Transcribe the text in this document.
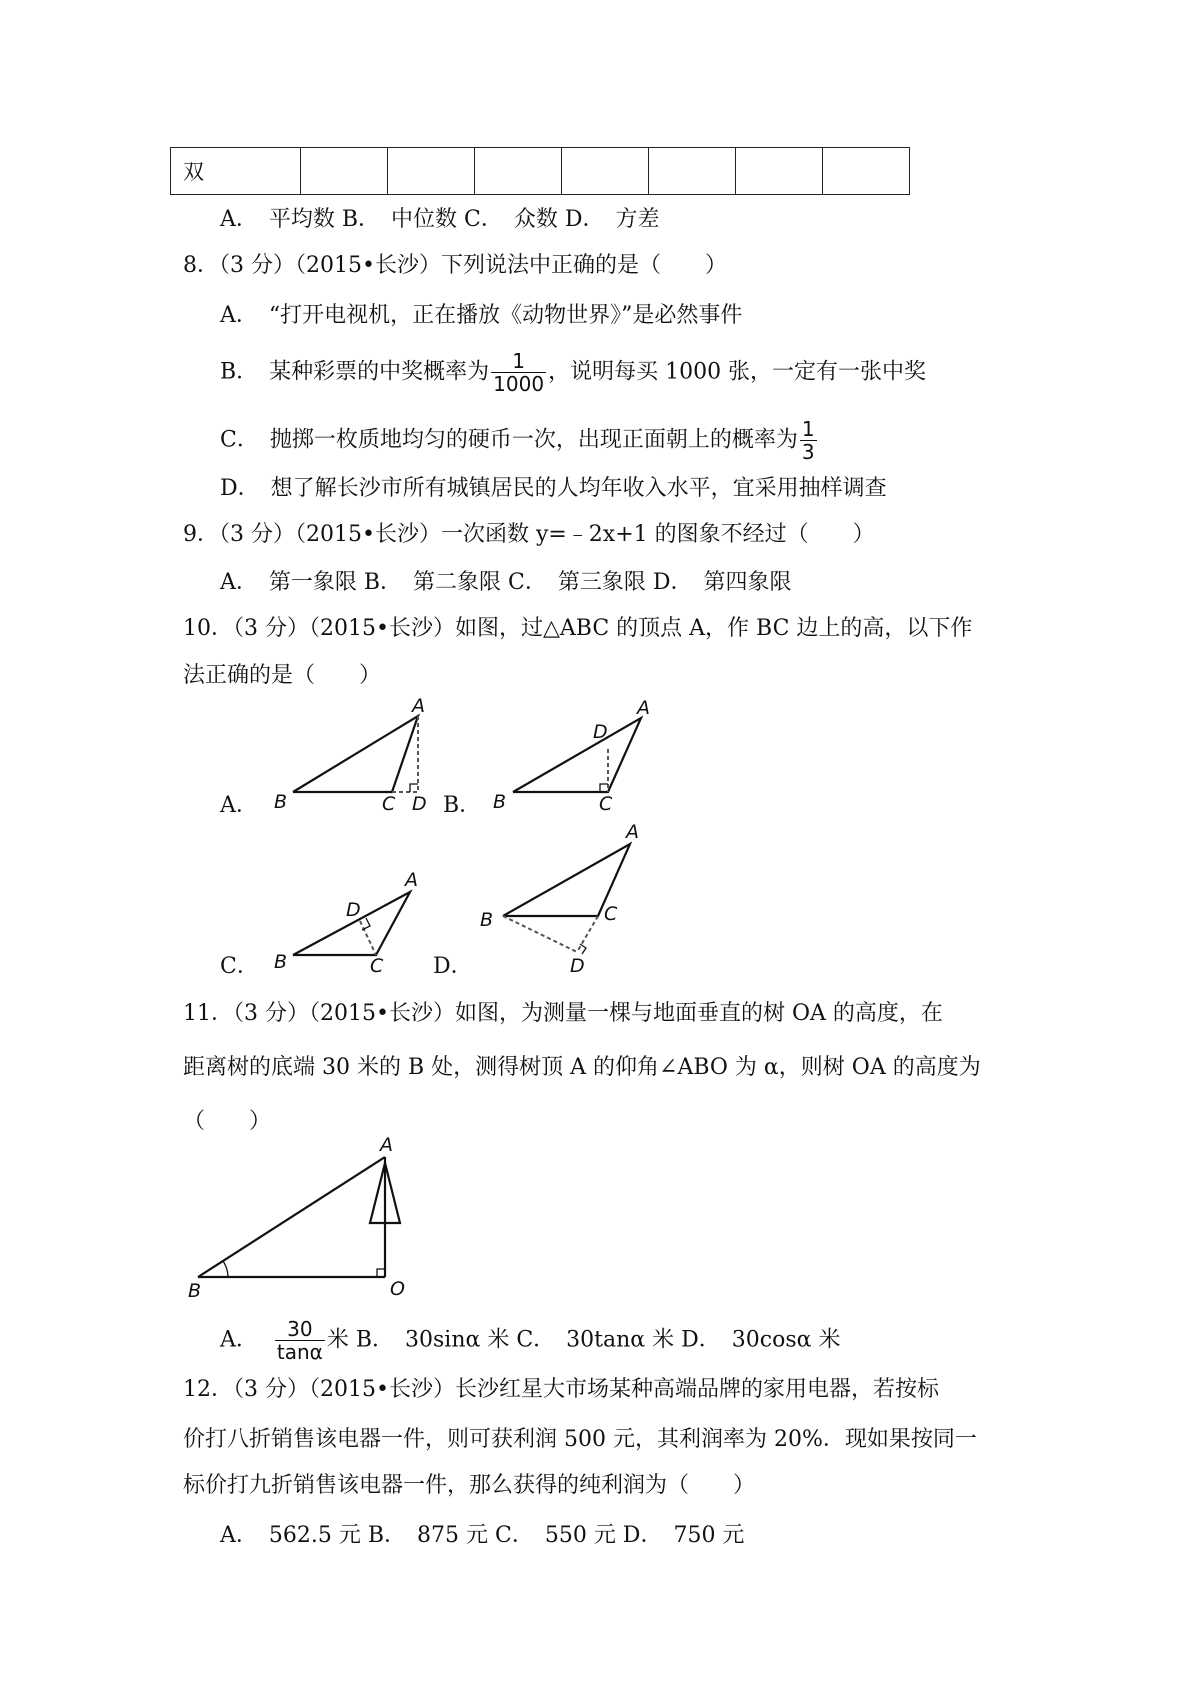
双							
A．　平均数 B．　中位数 C．　众数 D．　方差
8．（3 分）（2015•长沙）下列说法中正确的是（　　）
A．　“打开电视机，正在播放《动物世界》”是必然事件
B．　某种彩票的中奖概率为 $\frac{1}{1000}$ ，说明每买 1000 张，一定有一张中奖
C．　抛掷一枚质地均匀的硬币一次，出现正面朝上的概率为 $\frac{1}{3}$
D．　想了解长沙市所有城镇居民的人均年收入水平，宜采用抽样调查
9．（3 分）（2015•长沙）一次函数 y=﹣2x+1 的图象不经过（　　）
A．　第一象限 B．　第二象限 C．　第三象限 D．　第四象限
10．（3 分）（2015•长沙）如图，过△ABC 的顶点 A，作 BC 边上的高，以下作
法正确的是（　　）
A．
A
B	C D B．
A
D
B	C
C．
A
D
B	C D．
A
B	C
D
11．（3 分）（2015•长沙）如图，为测量一棵与地面垂直的树 OA 的高度，在
距离树的底端 30 米的 B 处，测得树顶 A 的仰角∠ABO 为 α，则树 OA 的高度为
（　　）
A
B	O
A． $\frac{30}{\tan\alpha}$ 米 B．　30sinα 米 C．　30tanα 米 D．　30cosα 米
12．（3 分）（2015•长沙）长沙红星大市场某种高端品牌的家用电器，若按标
价打八折销售该电器一件，则可获利润 500 元，其利润率为 20%．现如果按同一
标价打九折销售该电器一件，那么获得的纯利润为（　　）
A．　562.5 元 B．　875 元 C．　550 元 D．　750 元
